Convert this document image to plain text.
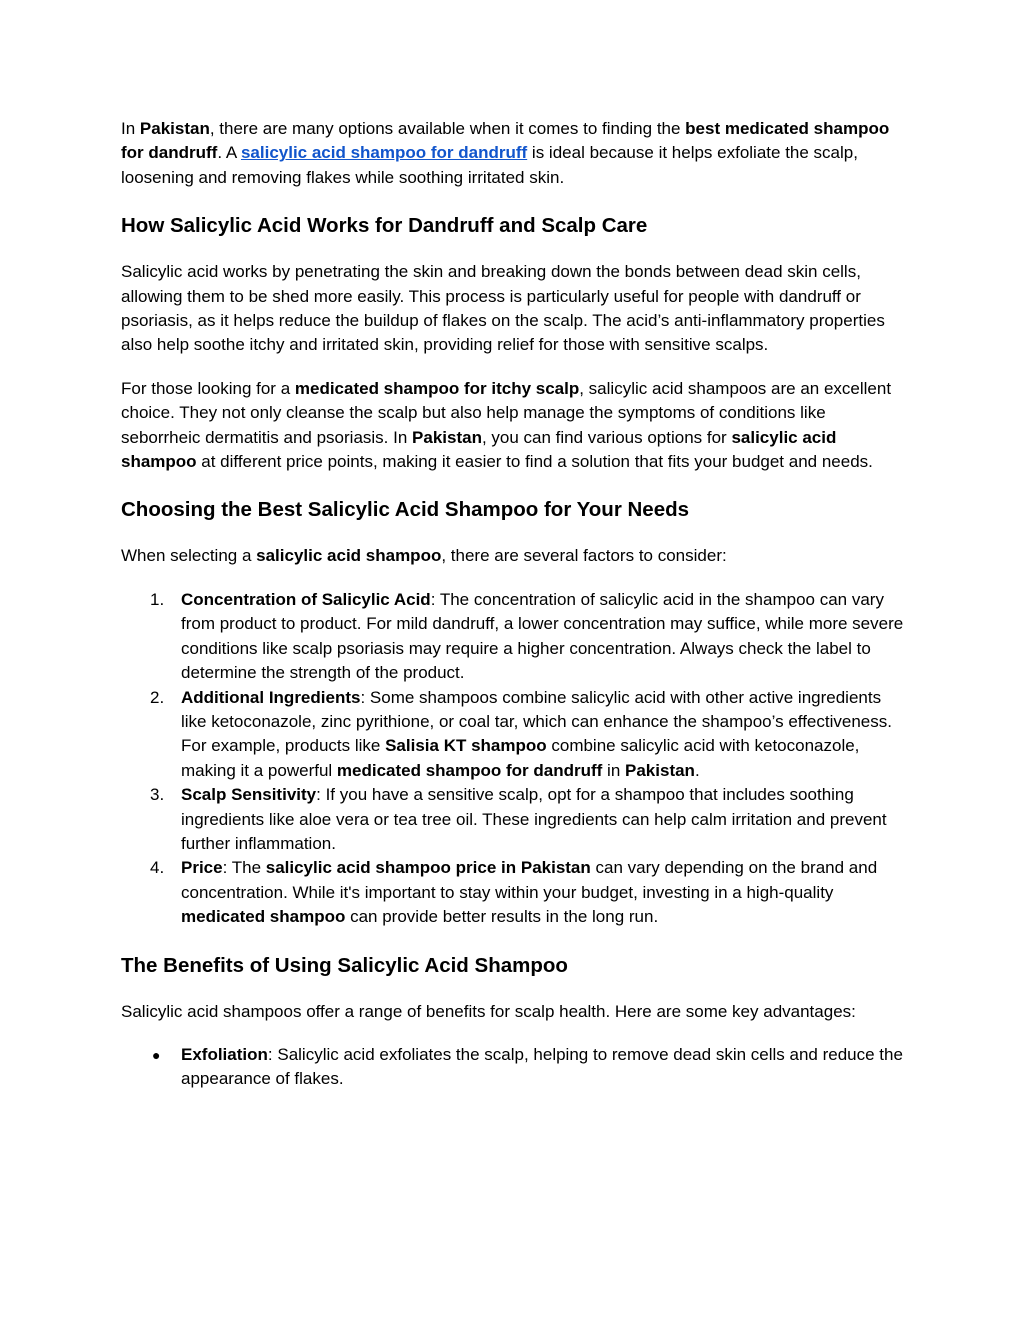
In Pakistan, there are many options available when it comes to finding the best medicated shampoo for dandruff. A salicylic acid shampoo for dandruff is ideal because it helps exfoliate the scalp, loosening and removing flakes while soothing irritated skin.

How Salicylic Acid Works for Dandruff and Scalp Care

Salicylic acid works by penetrating the skin and breaking down the bonds between dead skin cells, allowing them to be shed more easily. This process is particularly useful for people with dandruff or psoriasis, as it helps reduce the buildup of flakes on the scalp. The acid’s anti-inflammatory properties also help soothe itchy and irritated skin, providing relief for those with sensitive scalps.

For those looking for a medicated shampoo for itchy scalp, salicylic acid shampoos are an excellent choice. They not only cleanse the scalp but also help manage the symptoms of conditions like seborrheic dermatitis and psoriasis. In Pakistan, you can find various options for salicylic acid shampoo at different price points, making it easier to find a solution that fits your budget and needs.

Choosing the Best Salicylic Acid Shampoo for Your Needs

When selecting a salicylic acid shampoo, there are several factors to consider:

1. Concentration of Salicylic Acid: The concentration of salicylic acid in the shampoo can vary from product to product. For mild dandruff, a lower concentration may suffice, while more severe conditions like scalp psoriasis may require a higher concentration. Always check the label to determine the strength of the product.
2. Additional Ingredients: Some shampoos combine salicylic acid with other active ingredients like ketoconazole, zinc pyrithione, or coal tar, which can enhance the shampoo’s effectiveness. For example, products like Salisia KT shampoo combine salicylic acid with ketoconazole, making it a powerful medicated shampoo for dandruff in Pakistan.
3. Scalp Sensitivity: If you have a sensitive scalp, opt for a shampoo that includes soothing ingredients like aloe vera or tea tree oil. These ingredients can help calm irritation and prevent further inflammation.
4. Price: The salicylic acid shampoo price in Pakistan can vary depending on the brand and concentration. While it's important to stay within your budget, investing in a high-quality medicated shampoo can provide better results in the long run.
The Benefits of Using Salicylic Acid Shampoo

Salicylic acid shampoos offer a range of benefits for scalp health. Here are some key advantages:

● Exfoliation: Salicylic acid exfoliates the scalp, helping to remove dead skin cells and reduce the appearance of flakes.
